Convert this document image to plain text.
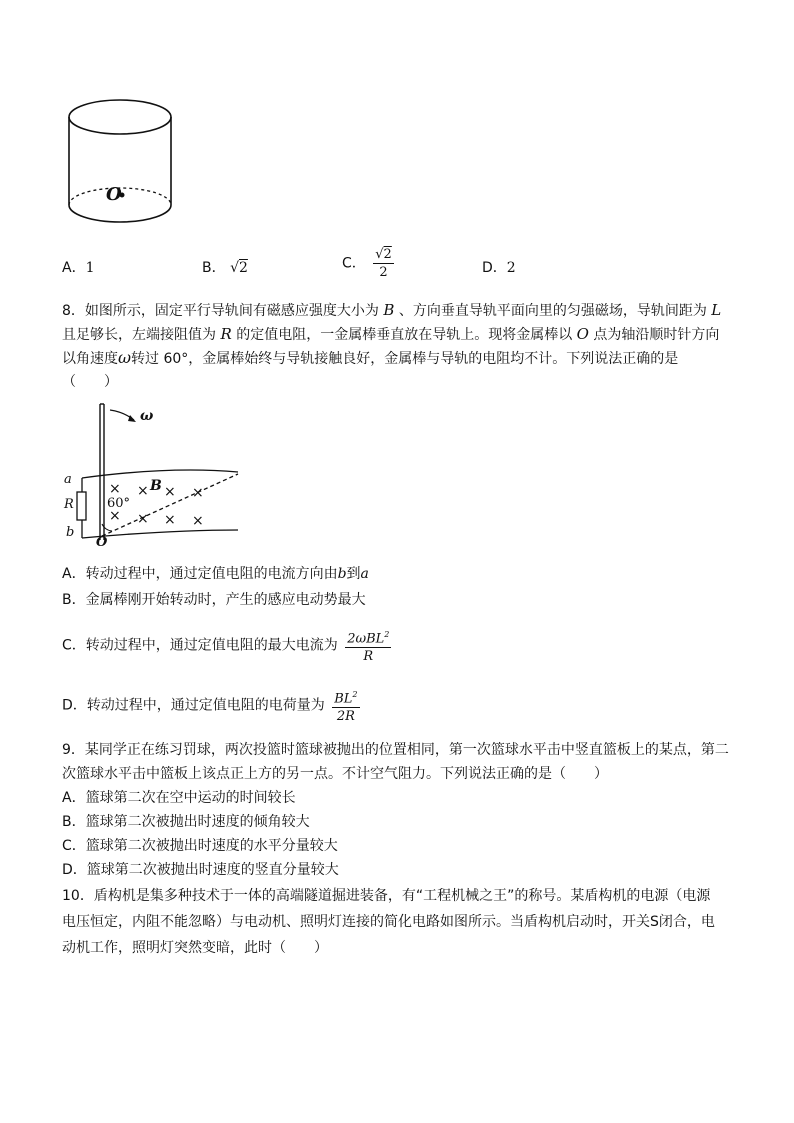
O
A．1	B． √2	C． $\frac{√2}{2}$	D．2
8．如图所示，固定平行导轨间有磁感应强度大小为 B 、方向垂直导轨平面向里的匀强磁场，导轨间距为 L
且足够长，左端接阻值为 R 的定值电阻，一金属棒垂直放在导轨上。现将金属棒以 O 点为轴沿顺时针方向
以角速度ω转过 60°，金属棒始终与导轨接触良好，金属棒与导轨的电阻均不计。下列说法正确的是
（　　）
ω
a
R
b
O
B
60°
× × × ×
× × × ×
A．转动过程中，通过定值电阻的电流方向由b到a
B．金属棒刚开始转动时，产生的感应电动势最大
C．转动过程中，通过定值电阻的最大电流为 $\frac{2\omega BL^2}{R}$
D．转动过程中，通过定值电阻的电荷量为 $\frac{BL^2}{2R}$
9．某同学正在练习罚球，两次投篮时篮球被抛出的位置相同，第一次篮球水平击中竖直篮板上的某点，第二
次篮球水平击中篮板上该点正上方的另一点。不计空气阻力。下列说法正确的是（　　）
A．篮球第二次在空中运动的时间较长
B．篮球第二次被抛出时速度的倾角较大
C．篮球第二次被抛出时速度的水平分量较大
D．篮球第二次被抛出时速度的竖直分量较大
10．盾构机是集多种技术于一体的高端隧道掘进装备，有“工程机械之王”的称号。某盾构机的电源（电源
电压恒定，内阻不能忽略）与电动机、照明灯连接的简化电路如图所示。当盾构机启动时，开关S闭合，电
动机工作，照明灯突然变暗，此时（　　）
